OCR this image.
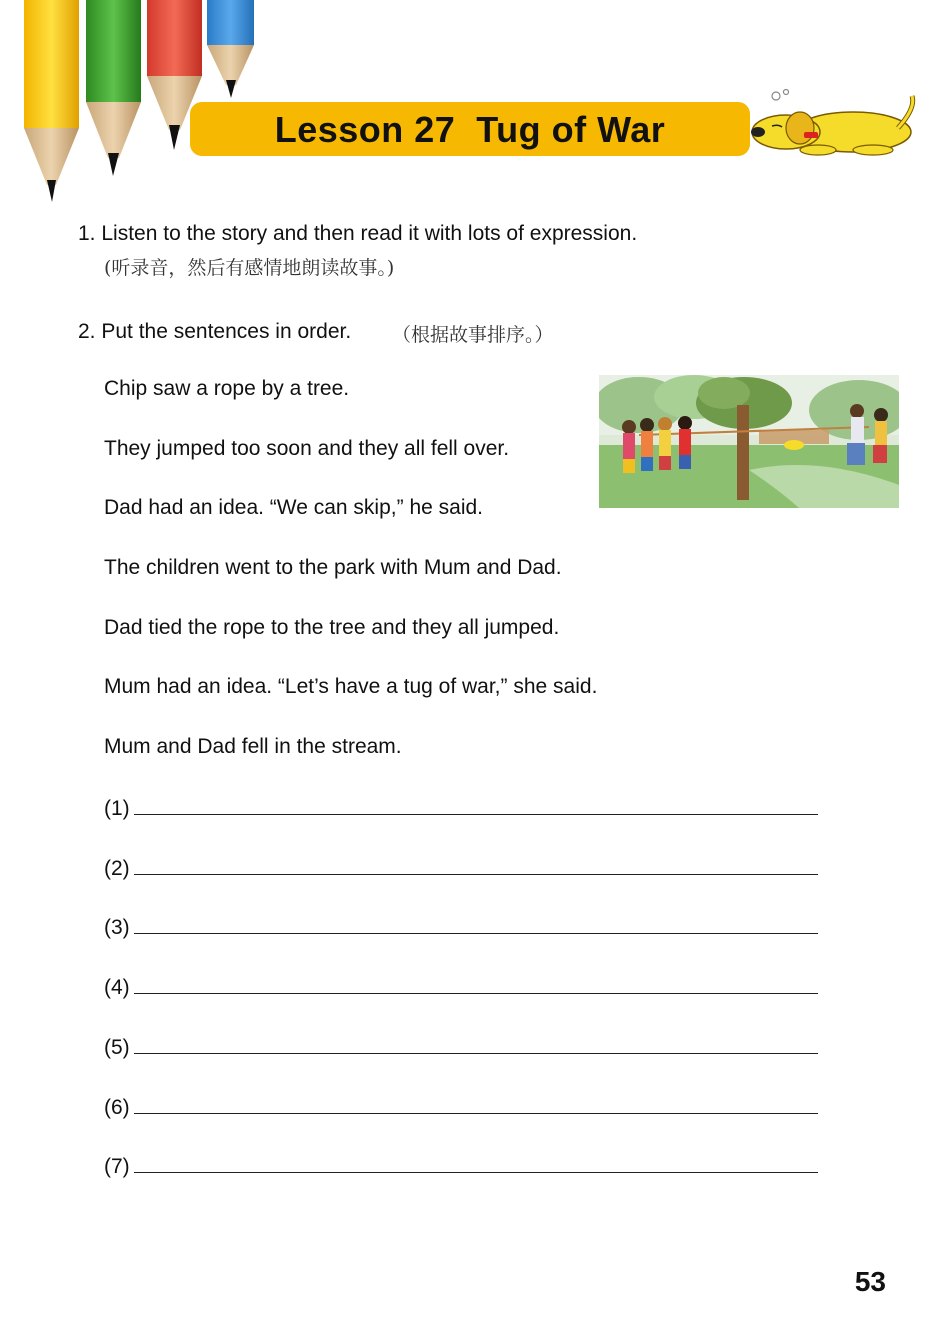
Lesson 27  Tug of War
1. Listen to the story and then read it with lots of expression.
(听录音，然后有感情地朗读故事。)
2. Put the sentences in order. （根据故事排序。）
Chip saw a rope by a tree.
They jumped too soon and they all fell over.
Dad had an idea. “We can skip,” he said.
The children went to the park with Mum and Dad.
Dad tied the rope to the tree and they all jumped.
Mum had an idea. “Let’s have a tug of war,” she said.
Mum and Dad fell in the stream.
(1)
(2)
(3)
(4)
(5)
(6)
(7)
53
